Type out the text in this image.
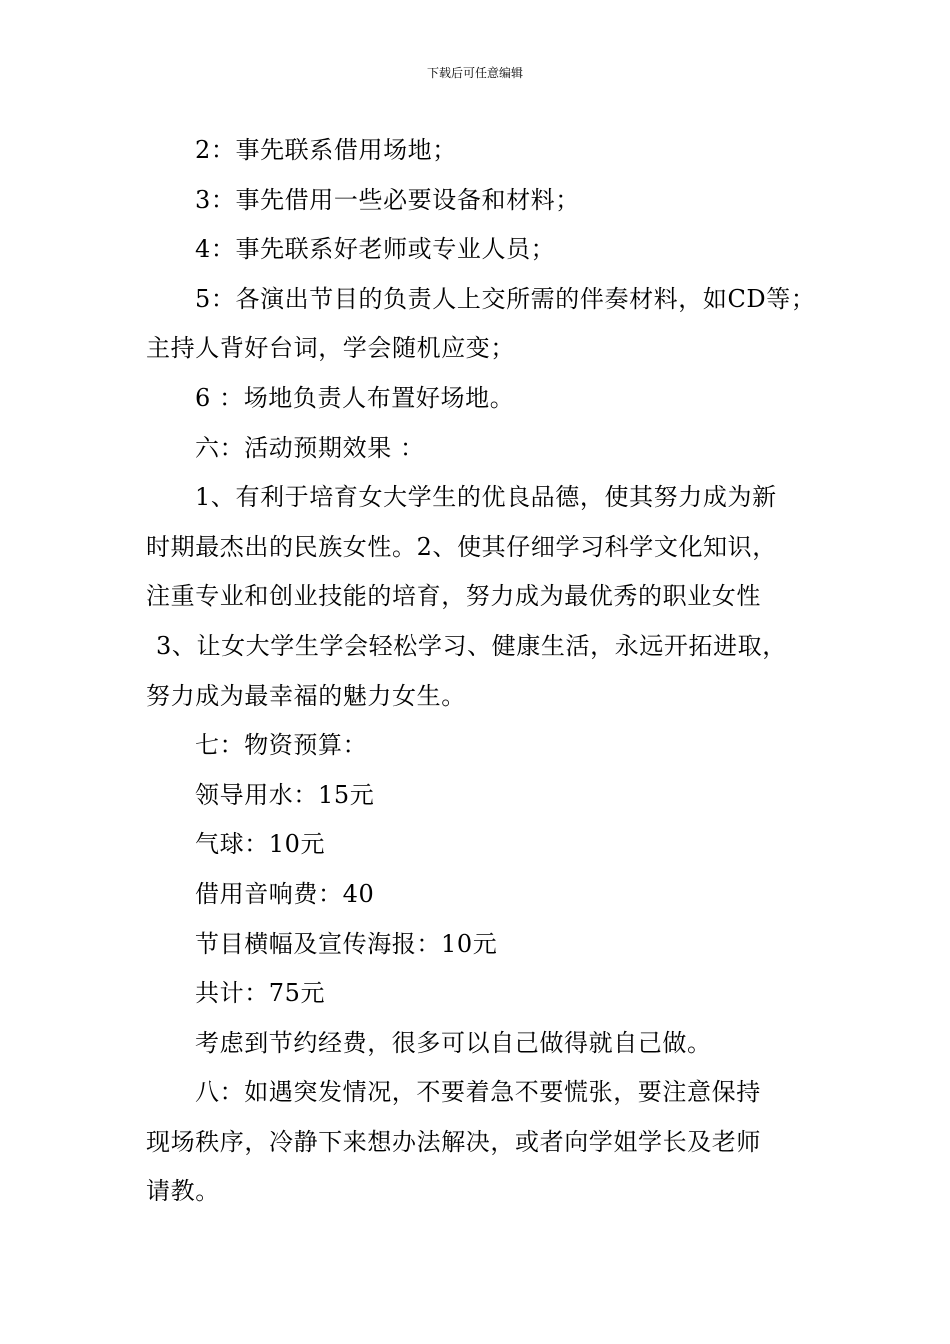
下载后可任意编辑
2：事先联系借用场地；
3：事先借用一些必要设备和材料；
4：事先联系好老师或专业人员；
5：各演出节目的负责人上交所需的伴奏材料，如CD等；
主持人背好台词，学会随机应变；
6 ：场地负责人布置好场地。
六：活动预期效果 ：
1、有利于培育女大学生的优良品德，使其努力成为新
时期最杰出的民族女性。2、使其仔细学习科学文化知识，
注重专业和创业技能的培育，努力成为最优秀的职业女性
3、让女大学生学会轻松学习、健康生活，永远开拓进取，
努力成为最幸福的魅力女生。
七：物资预算：
领导用水：15元
气球：10元
借用音响费：40
节目横幅及宣传海报：10元
共计：75元
考虑到节约经费，很多可以自己做得就自己做。
八：如遇突发情况，不要着急不要慌张，要注意保持
现场秩序，冷静下来想办法解决，或者向学姐学长及老师
请教。
